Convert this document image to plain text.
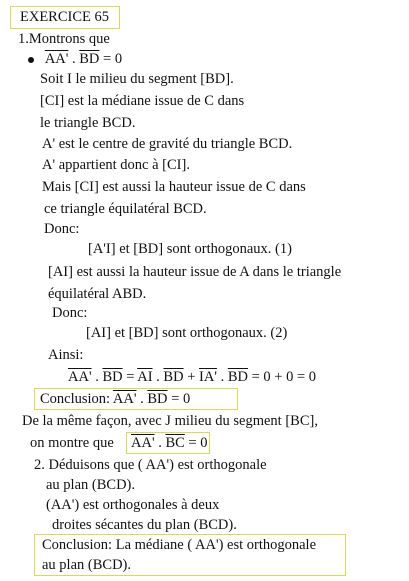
EXERCICE 65
1.Montrons que
AA' . $\overline{BD} = 0$
Soit I le milieu du segment [BD].
[CI] est la médiane issue de C dans
le triangle BCD.
A' est le centre de gravité du triangle BCD.
A' appartient donc à [CI].
Mais [CI] est aussi la hauteur issue de C dans
ce triangle équilatéral BCD.
Donc:
[A'I] et [BD] sont orthogonaux. (1)
[AI] est aussi la hauteur issue de A dans le triangle
équilatéral ABD.
Donc:
[AI] et [BD] sont orthogonaux. (2)
Ainsi:
AA' . $\overline{BD} = \overline{AI}$ . $\overline{BD} + IA'$ . $\overline{BD} = 0 + 0 = 0$
Conclusion: AA' . $\overline{BD} = 0$
De la même façon, avec J milieu du segment [BC],
on montre que AA' . $\overline{BC} = 0$
2. Déduisons que ( AA') est orthogonale
au plan (BCD).
(AA') est orthogonales à deux
droites sécantes du plan (BCD).
Conclusion: La médiane ( AA') est orthogonale
au plan (BCD).
